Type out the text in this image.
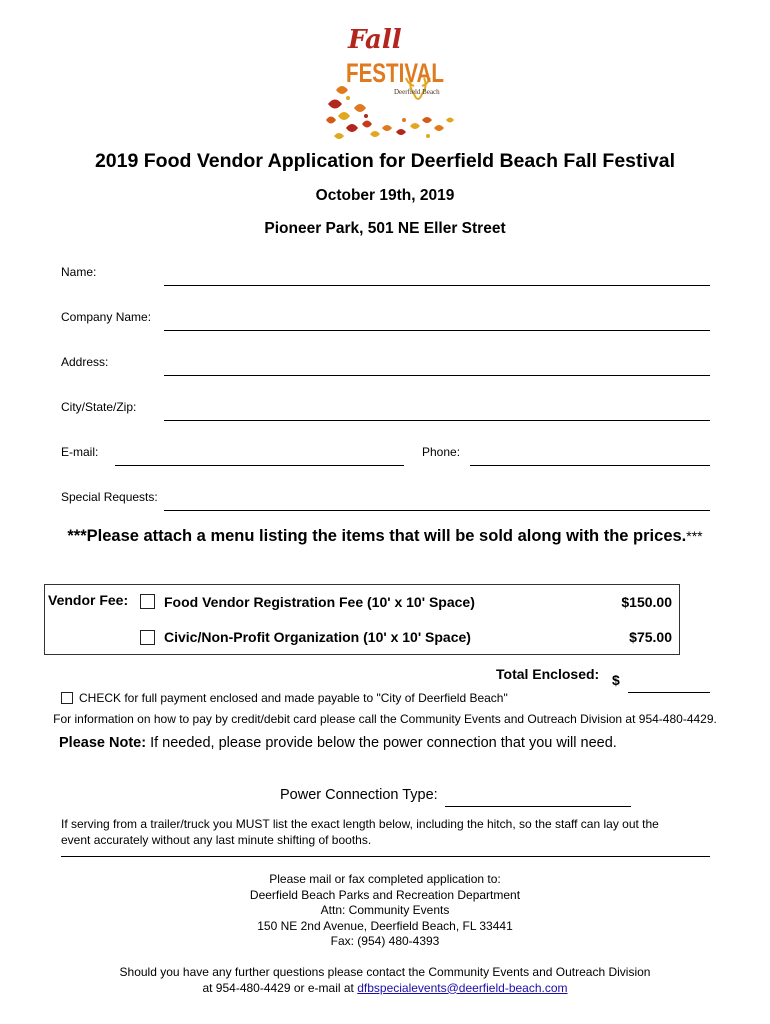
Fall
FESTIVAL
Deerfield Beach
2019 Food Vendor Application for Deerfield Beach Fall Festival
October 19th, 2019
Pioneer Park, 501 NE Eller Street
Name:
Company Name:
Address:
City/State/Zip:
E-mail:	Phone:
Special Requests:
***Please attach a menu listing the items that will be sold along with the prices.***
Vendor Fee:	Food Vendor Registration Fee (10' x 10' Space)	$150.00
Civic/Non-Profit Organization (10' x 10' Space)	$75.00
Total Enclosed: $
CHECK for full payment enclosed and made payable to "City of Deerfield Beach"
For information on how to pay by credit/debit card please call the Community Events and Outreach Division at 954-480-4429.
Please Note: If needed, please provide below the power connection that you will need.
Power Connection Type:
If serving from a trailer/truck you MUST list the exact length below, including the hitch, so the staff can lay out the
event accurately without any last minute shifting of booths.
Please mail or fax completed application to:
Deerfield Beach Parks and Recreation Department
Attn: Community Events
150 NE 2nd Avenue, Deerfield Beach, FL 33441
Fax: (954) 480-4393
Should you have any further questions please contact the Community Events and Outreach Division
at 954-480-4429 or e-mail at dfbspecialevents@deerfield-beach.com
